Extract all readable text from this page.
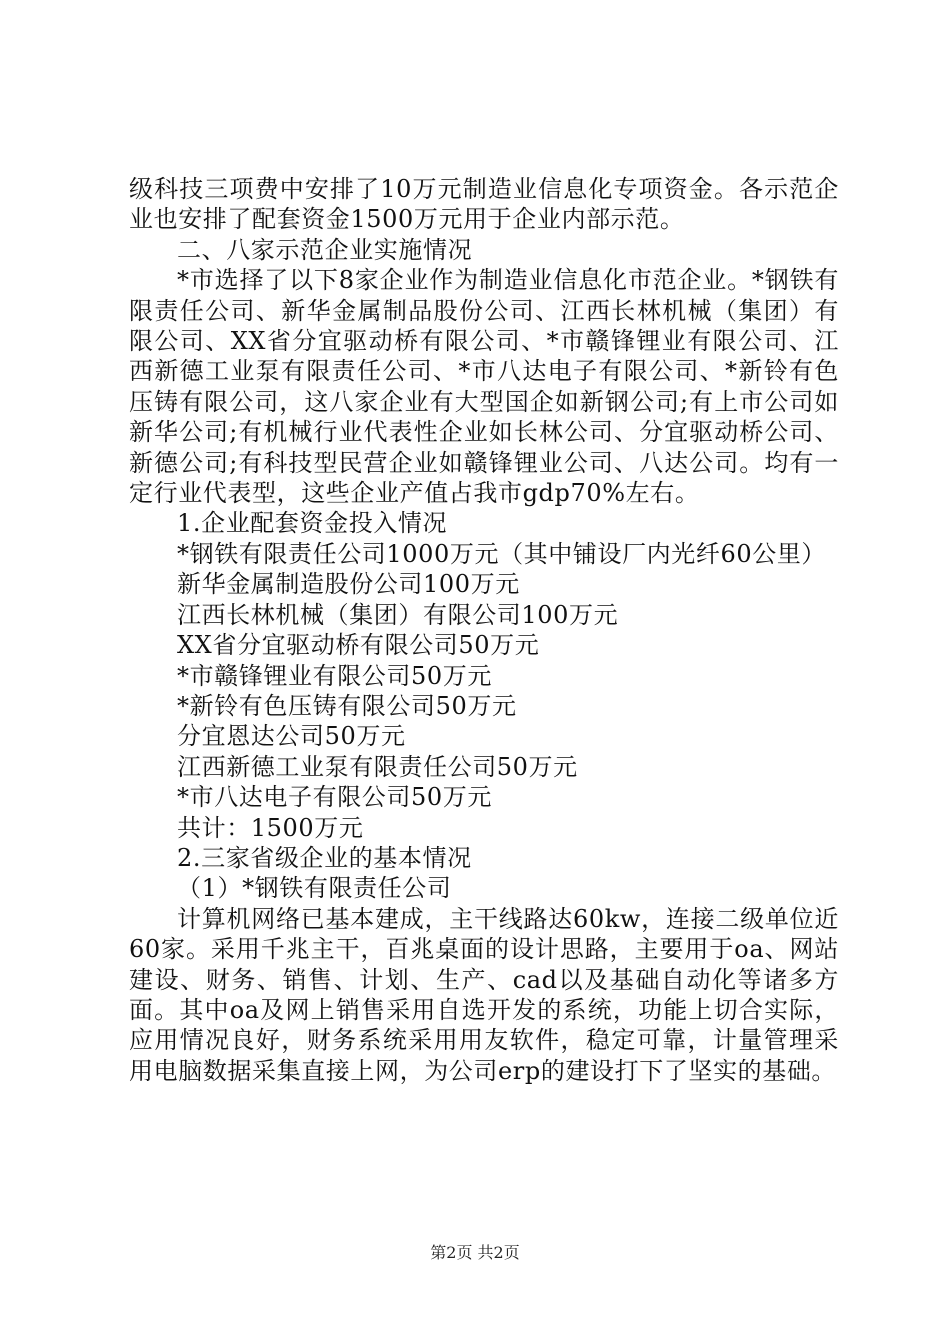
级科技三项费中安排了10万元制造业信息化专项资金。各示范企业也安排了配套资金1500万元用于企业内部示范。

二、八家示范企业实施情况

*市选择了以下8家企业作为制造业信息化市范企业。*钢铁有限责任公司、新华金属制品股份公司、江西长林机械（集团）有限公司、XX省分宜驱动桥有限公司、*市赣锋锂业有限公司、江西新德工业泵有限责任公司、*市八达电子有限公司、*新铃有色压铸有限公司，这八家企业有大型国企如新钢公司;有上市公司如新华公司;有机械行业代表性企业如长林公司、分宜驱动桥公司、新德公司;有科技型民营企业如赣锋锂业公司、八达公司。均有一定行业代表型，这些企业产值占我市gdp70%左右。

1.企业配套资金投入情况

*钢铁有限责任公司1000万元（其中铺设厂内光纤60公里）

新华金属制造股份公司100万元

江西长林机械（集团）有限公司100万元

XX省分宜驱动桥有限公司50万元

*市赣锋锂业有限公司50万元

*新铃有色压铸有限公司50万元

分宜恩达公司50万元

江西新德工业泵有限责任公司50万元

*市八达电子有限公司50万元

共计：1500万元

2.三家省级企业的基本情况

（1）*钢铁有限责任公司

计算机网络已基本建成，主干线路达60kw，连接二级单位近60家。采用千兆主干，百兆桌面的设计思路，主要用于oa、网站建设、财务、销售、计划、生产、cad以及基础自动化等诸多方面。其中oa及网上销售采用自选开发的系统，功能上切合实际，应用情况良好，财务系统采用用友软件，稳定可靠，计量管理采用电脑数据采集直接上网，为公司erp的建设打下了坚实的基础。

第2页 共2页
